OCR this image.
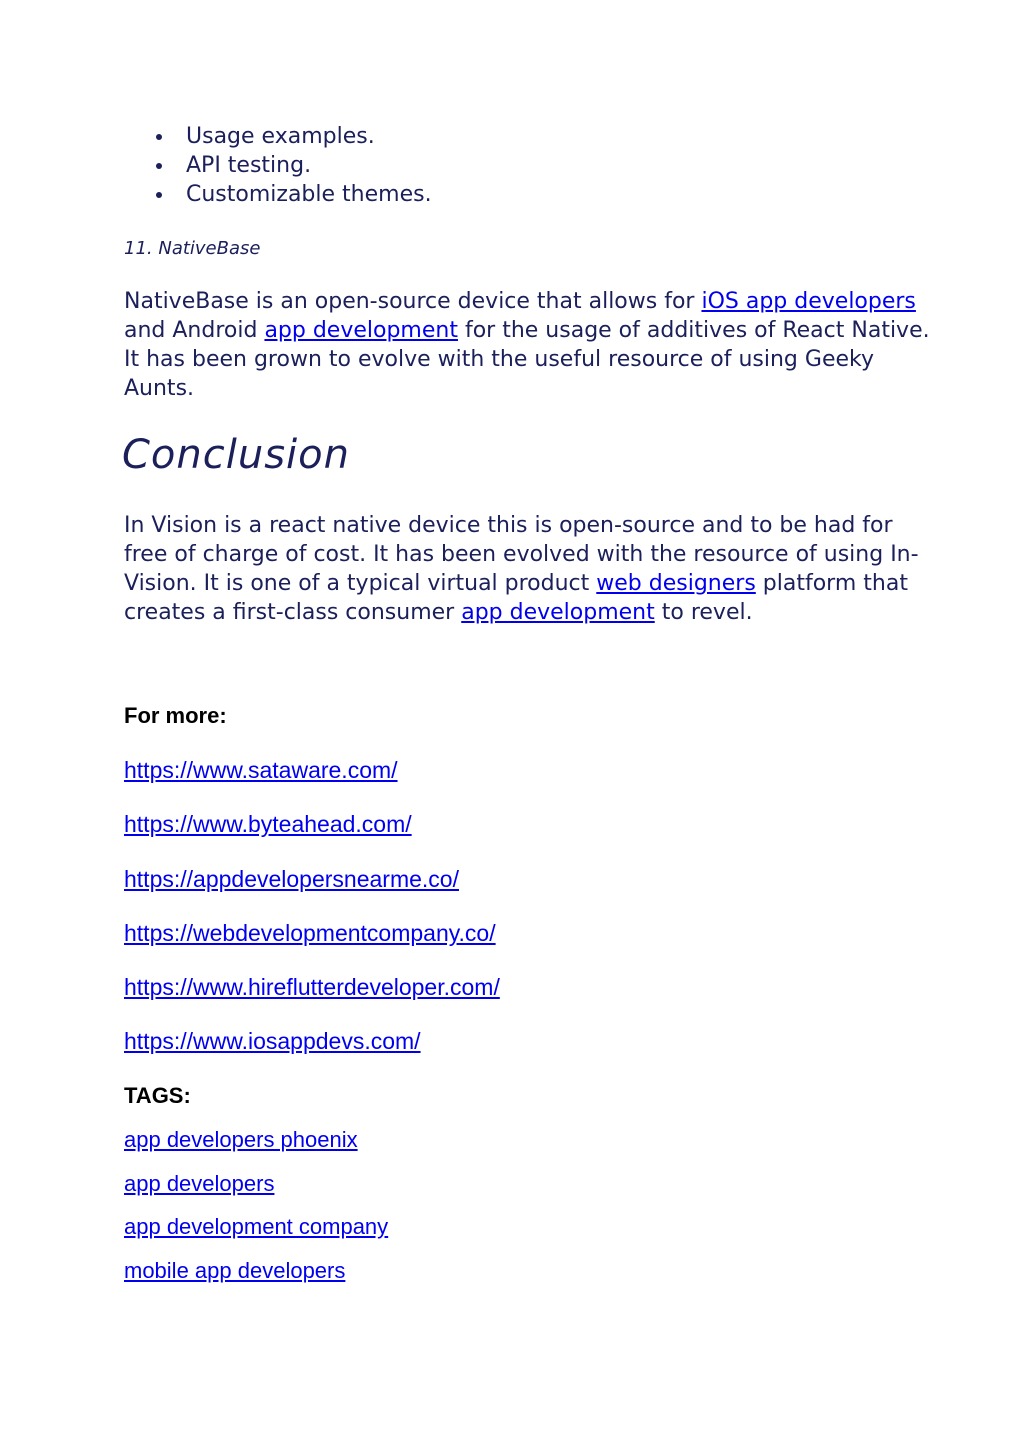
Usage examples.
API testing.
Customizable themes.
11. NativeBase
NativeBase is an open-source device that allows for iOS app developers
and Android app development for the usage of additives of React Native.
It has been grown to evolve with the useful resource of using Geeky
Aunts.
Conclusion
In Vision is a react native device this is open-source and to be had for
free of charge of cost. It has been evolved with the resource of using In-
Vision. It is one of a typical virtual product web designers platform that
creates a first-class consumer app development to revel.
For more:
https://www.sataware.com/
https://www.byteahead.com/
https://appdevelopersnearme.co/
https://webdevelopmentcompany.co/
https://www.hireflutterdeveloper.com/
https://www.iosappdevs.com/
TAGS:
app developers phoenix
app developers
app development company
mobile app developers
